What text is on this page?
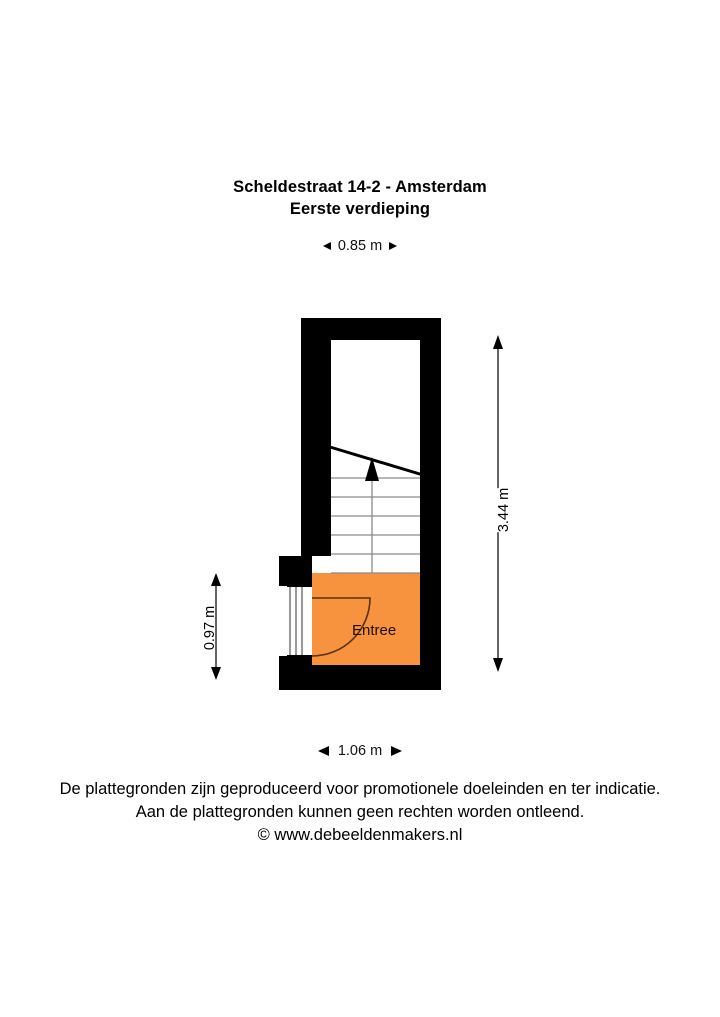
Scheldestraat 14-2 - Amsterdam
Eerste verdieping
0.85 m
Entree
0.97 m
3.44 m
1.06 m
De plattegronden zijn geproduceerd voor promotionele doeleinden en ter indicatie.
Aan de plattegronden kunnen geen rechten worden ontleend.
© www.debeeldenmakers.nl
